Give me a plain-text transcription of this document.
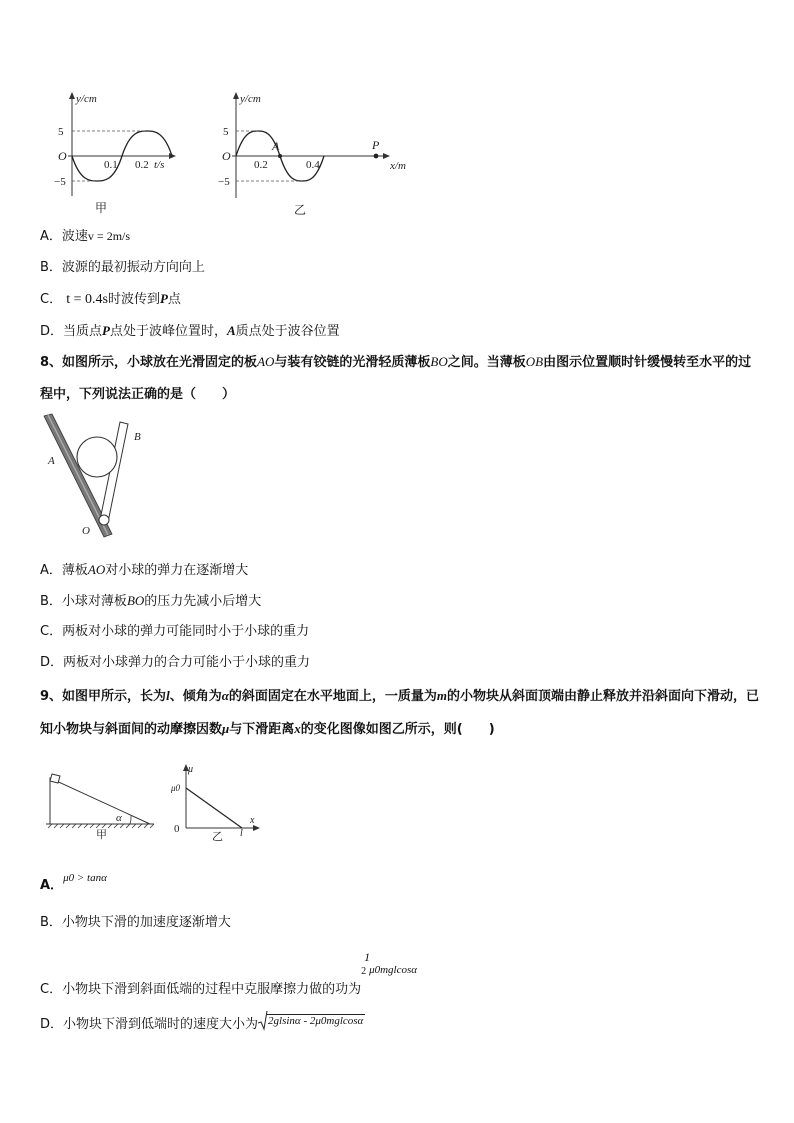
y/cm
O
5
−5
0.1 0.2 t/s
甲
y/cm
O
5
−5
0.2	0.4
A	P
x/m
乙
A．波速v = 2m/s
B．波源的最初振动方向向上
C． t = 0.4s时波传到P点
D．当质点P点处于波峰位置时，A质点处于波谷位置
8、如图所示，小球放在光滑固定的板AO与装有铰链的光滑轻质薄板BO之间。当薄板OB由图示位置顺时针缓慢转至水平的过程中，下列说法正确的是（　　）
A
B
O
A．薄板AO对小球的弹力在逐渐增大
B．小球对薄板BO的压力先减小后增大
C．两板对小球的弹力可能同时小于小球的重力
D．两板对小球弹力的合力可能小于小球的重力
9、如图甲所示，长为l、倾角为α的斜面固定在水平地面上，一质量为m的小物块从斜面顶端由静止释放并沿斜面向下滑动，已知小物块与斜面间的动摩擦因数μ与下滑距离x的变化图像如图乙所示，则(　　)
α
甲
μ
μ0
0
x
l
乙
A．$^{\mu 0 > tan\alpha}$
B．小物块下滑的加速度逐渐增大
C．小物块下滑到斜面低端的过程中克服摩擦力做的功为
1
2 μ0mglcosα
D．小物块下滑到低端时的速度大小为 $^{2glsin\alpha - 2\mu 0mglcos\alpha}$
